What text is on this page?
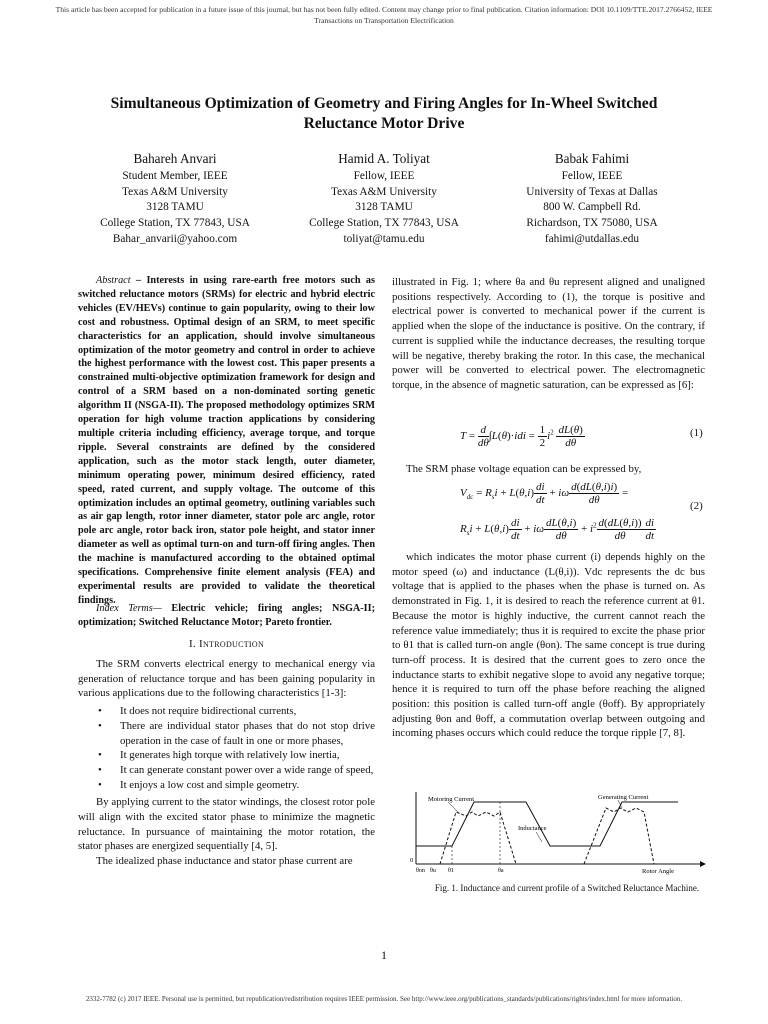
This article has been accepted for publication in a future issue of this journal, but has not been fully edited. Content may change prior to final publication. Citation information: DOI 10.1109/TTE.2017.2766452, IEEE
Transactions on Transportation Electrification
Simultaneous Optimization of Geometry and Firing Angles for In-Wheel Switched
Reluctance Motor Drive
Bahareh Anvari
Student Member, IEEE
Texas A&M University
3128 TAMU
College Station, TX 77843, USA
Bahar_anvarii@yahoo.com
Hamid A. Toliyat
Fellow, IEEE
Texas A&M University
3128 TAMU
College Station, TX 77843, USA
toliyat@tamu.edu
Babak Fahimi
Fellow, IEEE
University of Texas at Dallas
800 W. Campbell Rd.
Richardson, TX 75080, USA
fahimi@utdallas.edu

Abstract – Interests in using rare-earth free motors such as switched reluctance motors (SRMs) for electric and hybrid electric vehicles (EV/HEVs) continue to gain popularity, owing to their low cost and robustness. Optimal design of an SRM, to meet specific characteristics for an application, should involve simultaneous optimization of the motor geometry and control in order to achieve the highest performance with the lowest cost. This paper presents a constrained multi-objective optimization framework for design and control of a SRM based on a non-dominated sorting genetic algorithm II (NSGA-II). The proposed methodology optimizes SRM operation for high volume traction applications by considering multiple criteria including efficiency, average torque, and torque ripple. Several constraints are defined by the considered application, such as the motor stack length, outer diameter, minimum operating power, minimum desired efficiency, rated speed, rated current, and supply voltage. The outcome of this optimization includes an optimal geometry, outlining variables such as air gap length, rotor inner diameter, stator pole arc angle, rotor pole arc angle, rotor back iron, stator pole height, and stator inner diameter as well as optimal turn-on and turn-off firing angles. Then the machine is manufactured according to the obtained optimal specifications. Comprehensive finite element analysis (FEA) and experimental results are provided to validate the theoretical findings.

Index Terms— Electric vehicle; firing angles; NSGA-II; optimization; Switched Reluctance Motor; Pareto frontier.

I. Introduction

The SRM converts electrical energy to mechanical energy via generation of reluctance torque and has been gaining popularity in various applications due to the following characteristics [1-3]:

• It does not require bidirectional currents,
• There are individual stator phases that do not stop drive operation in the case of fault in one or more phases,
• It generates high torque with relatively low inertia,
• It can generate constant power over a wide range of speed,
• It enjoys a low cost and simple geometry.

By applying current to the stator windings, the closest rotor pole will align with the excited stator phase to minimize the magnetic reluctance. In pursuance of maintaining the motor rotation, the stator phases are energized sequentially [4, 5].

The idealized phase inductance and stator phase current are

illustrated in Fig. 1; where θa and θu represent aligned and unaligned positions respectively. According to (1), the torque is positive and electrical power is converted to mechanical power if the current is applied when the slope of the inductance is positive. On the contrary, if current is supplied while the inductance decreases, the resulting torque will be negative, thereby braking the rotor. In this case, the mechanical power will be converted to electrical power. The electromagnetic torque, in the absence of magnetic saturation, can be expressed as [6]:

$T = \frac{d}{d\theta} \int L(\theta)\cdot idi = \frac{1}{2} i^2 \frac{dL(\theta)}{d\theta}$	(1)
The SRM phase voltage equation can be expressed by,
$V_{dc} = R_si + L(\theta,i) \frac{di}{dt} + i\omega \frac{d(dL(\theta,i)i)}{d\theta}$ =
$R_si + L(\theta,i) \frac{di}{dt} + i\omega \frac{dL(\theta,i)}{d\theta} + i^2 \frac{d(dL(\theta,i))}{d\theta} \frac{di}{dt}$
(2)
which indicates the motor phase current (i) depends highly on the motor speed (ω) and inductance (L(θ,i)). Vdc represents the dc bus voltage that is applied to the phases when the phase is turned on. As demonstrated in Fig. 1, it is desired to reach the reference current at θ1. Because the motor is highly inductive, the current cannot reach the reference value immediately; thus it is required to excite the phase prior to θ1 that is called turn-on angle (θon). The same concept is true during turn-off process. It is desired that the current goes to zero once the inductance starts to exhibit negative slope to avoid any negative torque; hence it is required to turn off the phase before reaching the aligned position: this position is called turn-off angle (θoff). By appropriately adjusting θon and θoff, a commutation overlap between outgoing and incoming phases occurs which could reduce the torque ripple [7, 8].
Motoring Current	Generating Current
Inductance
0
Rotor Angle
θon θu θ1	θa
Fig. 1. Inductance and current profile of a Switched Reluctance Machine.
1
2332-7782 (c) 2017 IEEE. Personal use is permitted, but republication/redistribution requires IEEE permission. See http://www.ieee.org/publications_standards/publications/rights/index.html for more information.
